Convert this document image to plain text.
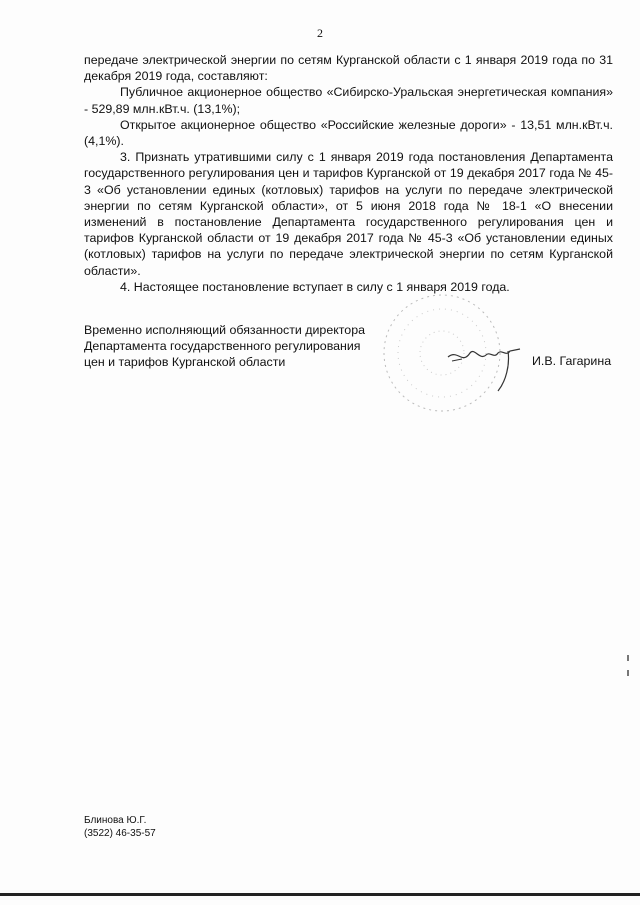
2

передаче электрической энергии по сетям Курганской области с 1 января 2019 года по 31 декабря 2019 года, составляют:

Публичное акционерное общество «Сибирско-Уральская энергетическая компания» - 529,89 млн.кВт.ч. (13,1%);

Открытое акционерное общество «Российские железные дороги» - 13,51 млн.кВт.ч. (4,1%).

3. Признать утратившими силу с 1 января 2019 года постановления Департамента государственного регулирования цен и тарифов Курганской от 19 декабря 2017 года № 45-3 «Об установлении единых (котловых) тарифов на услуги по передаче электрической энергии по сетям Курганской области», от 5 июня 2018 года № 18-1 «О внесении изменений в постановление Департамента государственного регулирования цен и тарифов Курганской области от 19 декабря 2017 года № 45-3 «Об установлении единых (котловых) тарифов на услуги по передаче электрической энергии по сетям Курганской области».

4. Настоящее постановление вступает в силу с 1 января 2019 года.

Временно исполняющий обязанности директора
Департамента государственного регулирования
цен и тарифов Курганской области	И.В. Гагарина
Блинова Ю.Г.
(3522) 46-35-57
